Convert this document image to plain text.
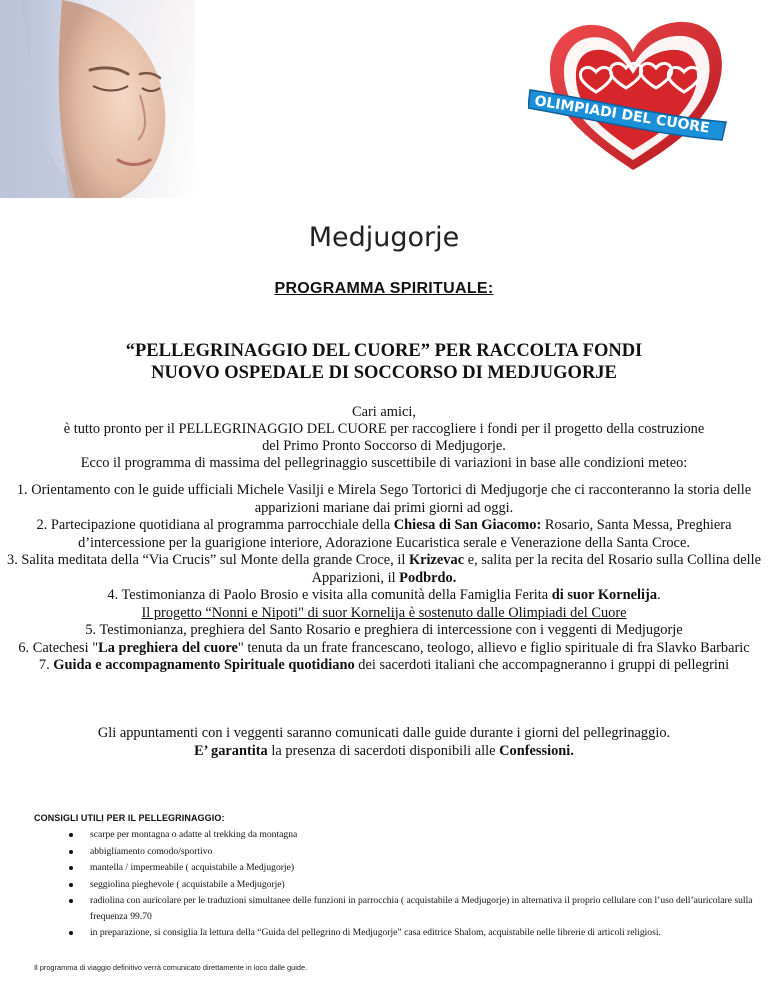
OLIMPIADI DEL CUORE
Medjugorje
PROGRAMMA SPIRITUALE:
“PELLEGRINAGGIO DEL CUORE” PER RACCOLTA FONDI
NUOVO OSPEDALE DI SOCCORSO DI MEDJUGORJE
Cari amici,
è tutto pronto per il PELLEGRINAGGIO DEL CUORE per raccogliere i fondi per il progetto della costruzione
del Primo Pronto Soccorso di Medjugorje.
Ecco il programma di massima del pellegrinaggio suscettibile di variazioni in base alle condizioni meteo:

1. Orientamento con le guide ufficiali Michele Vasilji e Mirela Sego Tortorici di Medjugorje che ci racconteranno la storia delle apparizioni mariane dai primi giorni ad oggi.

2. Partecipazione quotidiana al programma parrocchiale della Chiesa di San Giacomo: Rosario, Santa Messa, Preghiera d’intercessione per la guarigione interiore, Adorazione Eucaristica serale e Venerazione della Santa Croce.

3. Salita meditata della “Via Crucis” sul Monte della grande Croce, il Krizevac e, salita per la recita del Rosario sulla Collina delle Apparizioni, il Podbrdo.

4. Testimonianza di Paolo Brosio e visita alla comunità della Famiglia Ferita di suor Kornelija.

Il progetto “Nonni e Nipoti" di suor Kornelija è sostenuto dalle Olimpiadi del Cuore

5. Testimonianza, preghiera del Santo Rosario e preghiera di intercessione con i veggenti di Medjugorje

6. Catechesi "La preghiera del cuore" tenuta da un frate francescano, teologo, allievo e figlio spirituale di fra Slavko Barbaric

7. Guida e accompagnamento Spirituale quotidiano dei sacerdoti italiani che accompagneranno i gruppi di pellegrini

Gli appuntamenti con i veggenti saranno comunicati dalle guide durante i giorni del pellegrinaggio.

E’ garantita la presenza di sacerdoti disponibili alle Confessioni.

CONSIGLI UTILI PER IL PELLEGRINAGGIO:
scarpe per montagna o adatte al trekking da montagna
abbigliamento comodo/sportivo
mantella / impermeabile ( acquistabile a Medjugorje)
seggiolina pieghevole ( acquistabile a Medjugorje)
radiolina con auricolare per le traduzioni simultanee delle funzioni in parrocchia ( acquistabile a Medjugorje) in alternativa il proprio cellulare con l’uso dell’auricolare sulla frequenza 99.70
in preparazione, si consiglia la lettura della “Guida del pellegrino di Medjugorje” casa editrice Shalom, acquistabile nelle librerie di articoli religiosi.
Il programma di viaggio definitivo verrà comunicato direttamente in loco dalle guide.
